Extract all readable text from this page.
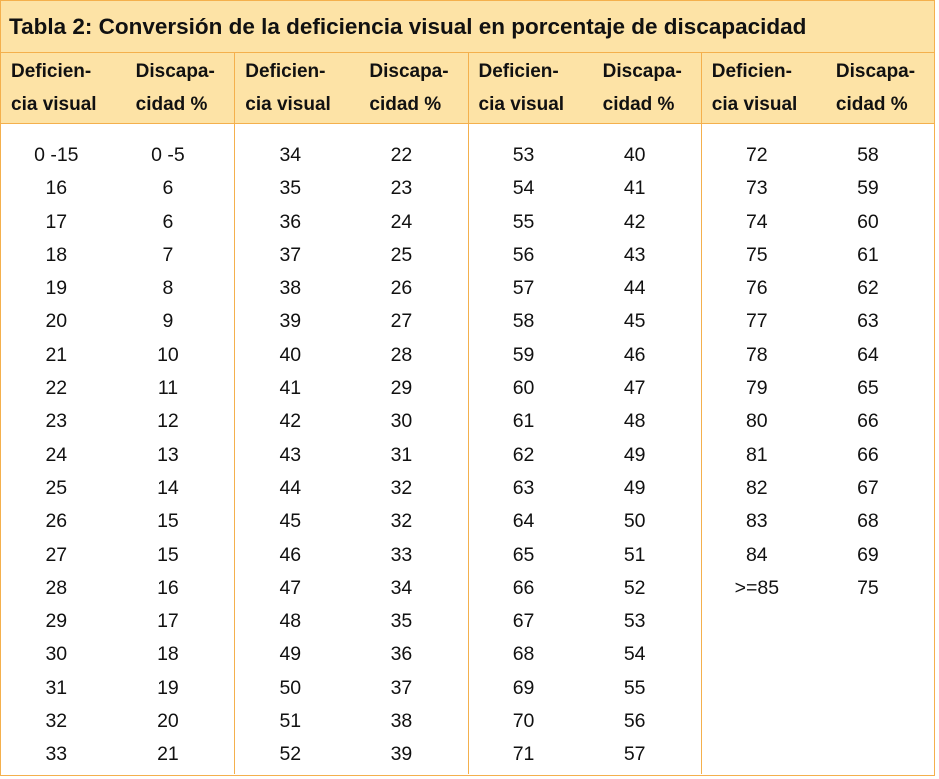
Tabla 2: Conversión de la deficiencia visual en porcentaje de discapacidad
Deficien-
cia visual
Discapa-
cidad %
Deficien-
cia visual
Discapa-
cidad %
Deficien-
cia visual
Discapa-
cidad %
Deficien-
cia visual
Discapa-
cidad %
0 -15
16
17
18
19
20
21
22
23
24
25
26
27
28
29
30
31
32
33
0 -5
6
6
7
8
9
10
11
12
13
14
15
15
16
17
18
19
20
21
34
35
36
37
38
39
40
41
42
43
44
45
46
47
48
49
50
51
52
22
23
24
25
26
27
28
29
30
31
32
32
33
34
35
36
37
38
39
53
54
55
56
57
58
59
60
61
62
63
64
65
66
67
68
69
70
71
40
41
42
43
44
45
46
47
48
49
49
50
51
52
53
54
55
56
57
72
73
74
75
76
77
78
79
80
81
82
83
84
>=85
58
59
60
61
62
63
64
65
66
66
67
68
69
75
